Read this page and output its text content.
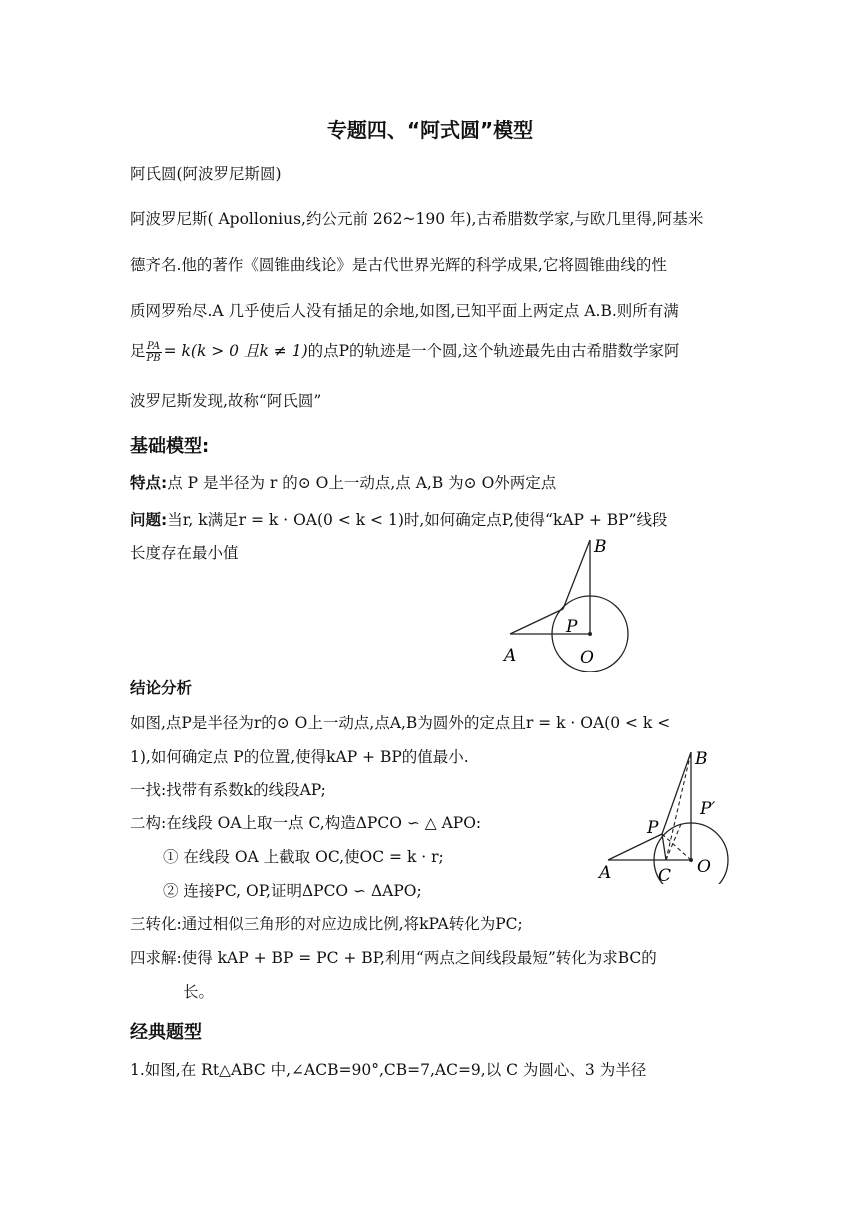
专题四、“阿式圆”模型
阿氏圆(阿波罗尼斯圆)
阿波罗尼斯( Apollonius,约公元前 262~190 年),古希腊数学家,与欧几里得,阿基米
德齐名.他的著作《圆锥曲线论》是古代世界光辉的科学成果,它将圆锥曲线的性
质网罗殆尽.A 几乎使后人没有插足的余地,如图,已知平面上两定点 A.B.则所有满
足 $\frac{PA}{PB} = k(k > 0$ 且k ≠ 1)的点P的轨迹是一个圆,这个轨迹最先由古希腊数学家阿
波罗尼斯发现,故称“阿氏圆”
基础模型:
特点:点 P 是半径为 r 的⊙ O上一动点,点 A,B 为⊙ O外两定点
问题:当r, k满足r = k · OA(0 < k < 1)时,如何确定点P,使得“kAP + BP”线段
长度存在最小值	B
P
A	O
结论分析
如图,点P是半径为r的⊙ O上一动点,点A,B为圆外的定点且r = k · OA(0 < k <
1),如何确定点 P的位置,使得kAP + BP的值最小.
一找:找带有系数k的线段AP;
二构:在线段 OA上取一点 C,构造ΔPCO ∽ △ APO:
① 在线段 OA 上截取 OC,使OC = k · r;
② 连接PC, OP,证明ΔPCO ∽ ΔAPO;
三转化:通过相似三角形的对应边成比例,将kPA转化为PC;
四求解:使得 kAP + BP = PC + BP,利用“两点之间线段最短”转化为求BC的
长。
B
P′
P
A	C O
经典题型
1.如图,在 Rt△ABC 中,∠ACB=90°,CB=7,AC=9,以 C 为圆心、3 为半径
